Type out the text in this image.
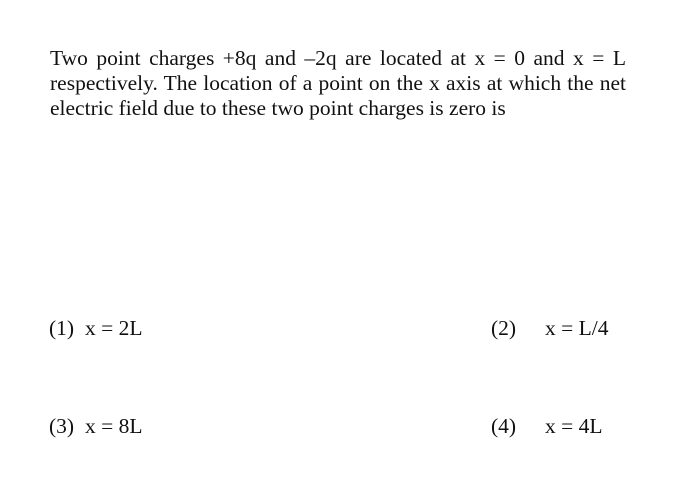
Two point charges +8q and –2q are located at x = 0 and x = L
respectively. The location of a point on the x axis at which the net
electric field due to these two point charges is zero is
(1) x = 2L	(2) x = L/4
(3) x = 8L	(4) x = 4L
